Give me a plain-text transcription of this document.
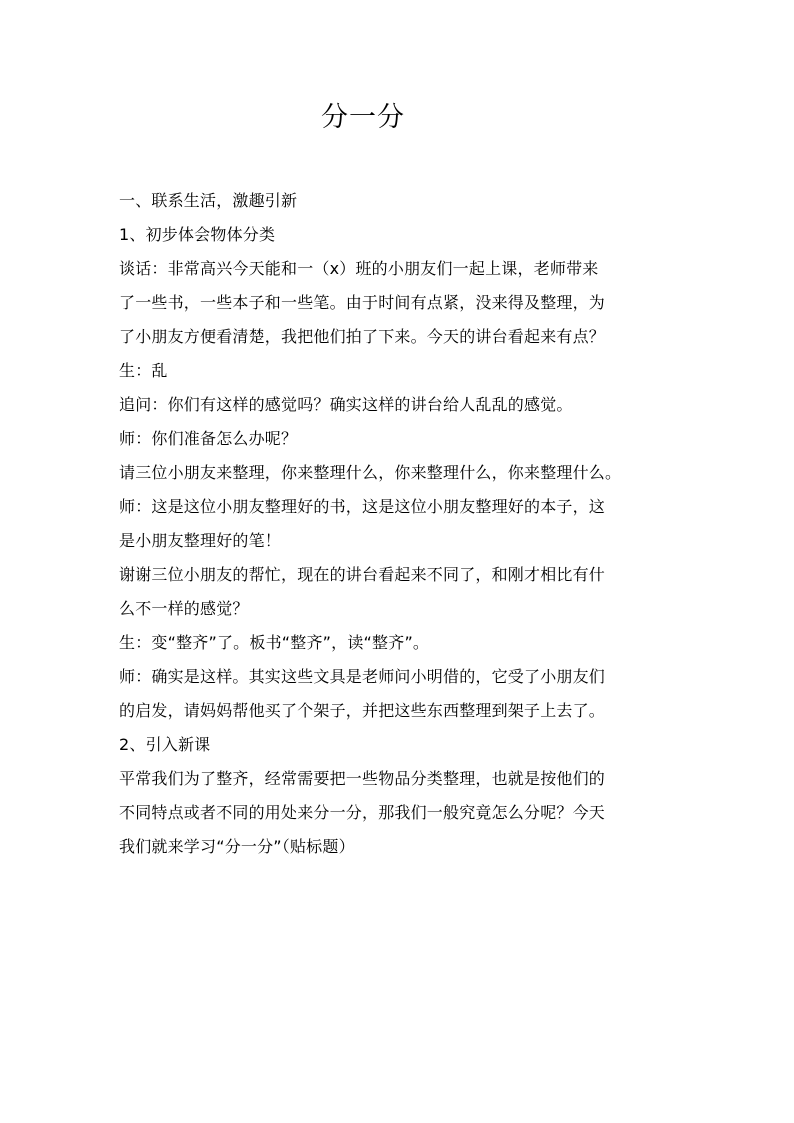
分一分
一、联系生活，激趣引新
1、初步体会物体分类
谈话：非常高兴今天能和一（x）班的小朋友们一起上课，老师带来
了一些书，一些本子和一些笔。由于时间有点紧，没来得及整理，为
了小朋友方便看清楚，我把他们拍了下来。今天的讲台看起来有点？
生：乱
追问：你们有这样的感觉吗？确实这样的讲台给人乱乱的感觉。
师：你们准备怎么办呢？
请三位小朋友来整理，你来整理什么，你来整理什么，你来整理什么。
师：这是这位小朋友整理好的书，这是这位小朋友整理好的本子，这
是小朋友整理好的笔！
谢谢三位小朋友的帮忙，现在的讲台看起来不同了，和刚才相比有什
么不一样的感觉？
生：变“整齐”了。板书“整齐”，读“整齐”。
师：确实是这样。其实这些文具是老师问小明借的，它受了小朋友们
的启发，请妈妈帮他买了个架子，并把这些东西整理到架子上去了。
2、引入新课
平常我们为了整齐，经常需要把一些物品分类整理，也就是按他们的
不同特点或者不同的用处来分一分，那我们一般究竟怎么分呢？今天
我们就来学习“分一分”（贴标题）
